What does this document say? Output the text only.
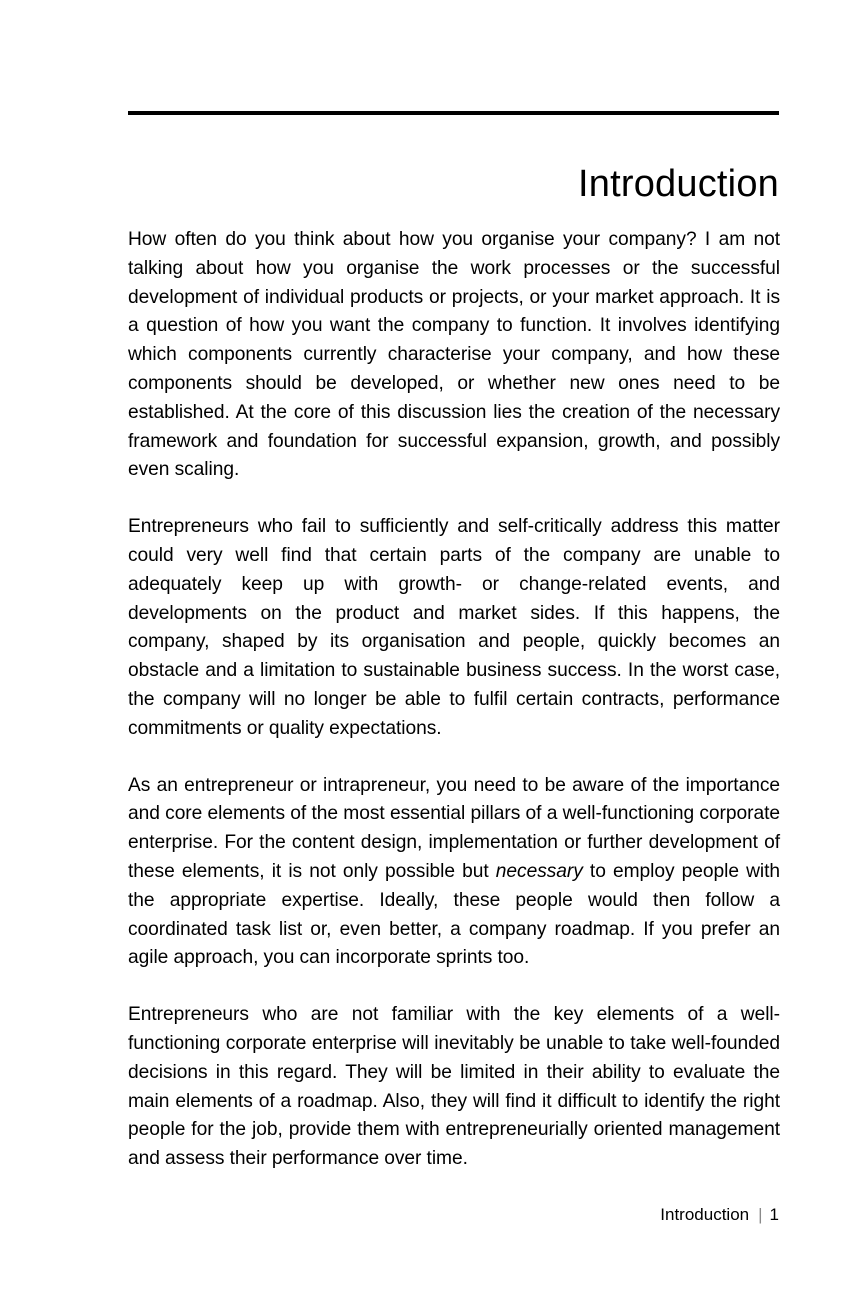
Introduction

How often do you think about how you organise your company? I am not talking about how you organise the work processes or the successful development of individual products or projects, or your market approach. It is a question of how you want the company to function. It involves identifying which components currently characterise your company, and how these components should be developed, or whether new ones need to be established. At the core of this discussion lies the creation of the necessary framework and foundation for successful expansion, growth, and possibly even scaling.

Entrepreneurs who fail to sufficiently and self-critically address this matter could very well find that certain parts of the company are unable to adequately keep up with growth- or change-related events, and developments on the product and market sides. If this happens, the company, shaped by its organisation and people, quickly becomes an obstacle and a limitation to sustainable business success. In the worst case, the company will no longer be able to fulfil certain contracts, performance commitments or quality expectations.

As an entrepreneur or intrapreneur, you need to be aware of the importance and core elements of the most essential pillars of a well-functioning corporate enterprise. For the content design, implementation or further development of these elements, it is not only possible but necessary to employ people with the appropriate expertise. Ideally, these people would then follow a coordinated task list or, even better, a company roadmap. If you prefer an agile approach, you can incorporate sprints too.

Entrepreneurs who are not familiar with the key elements of a well-functioning corporate enterprise will inevitably be unable to take well-founded decisions in this regard. They will be limited in their ability to evaluate the main elements of a roadmap. Also, they will find it difficult to identify the right people for the job, provide them with entrepreneurially oriented management and assess their performance over time.

Introduction | 1
